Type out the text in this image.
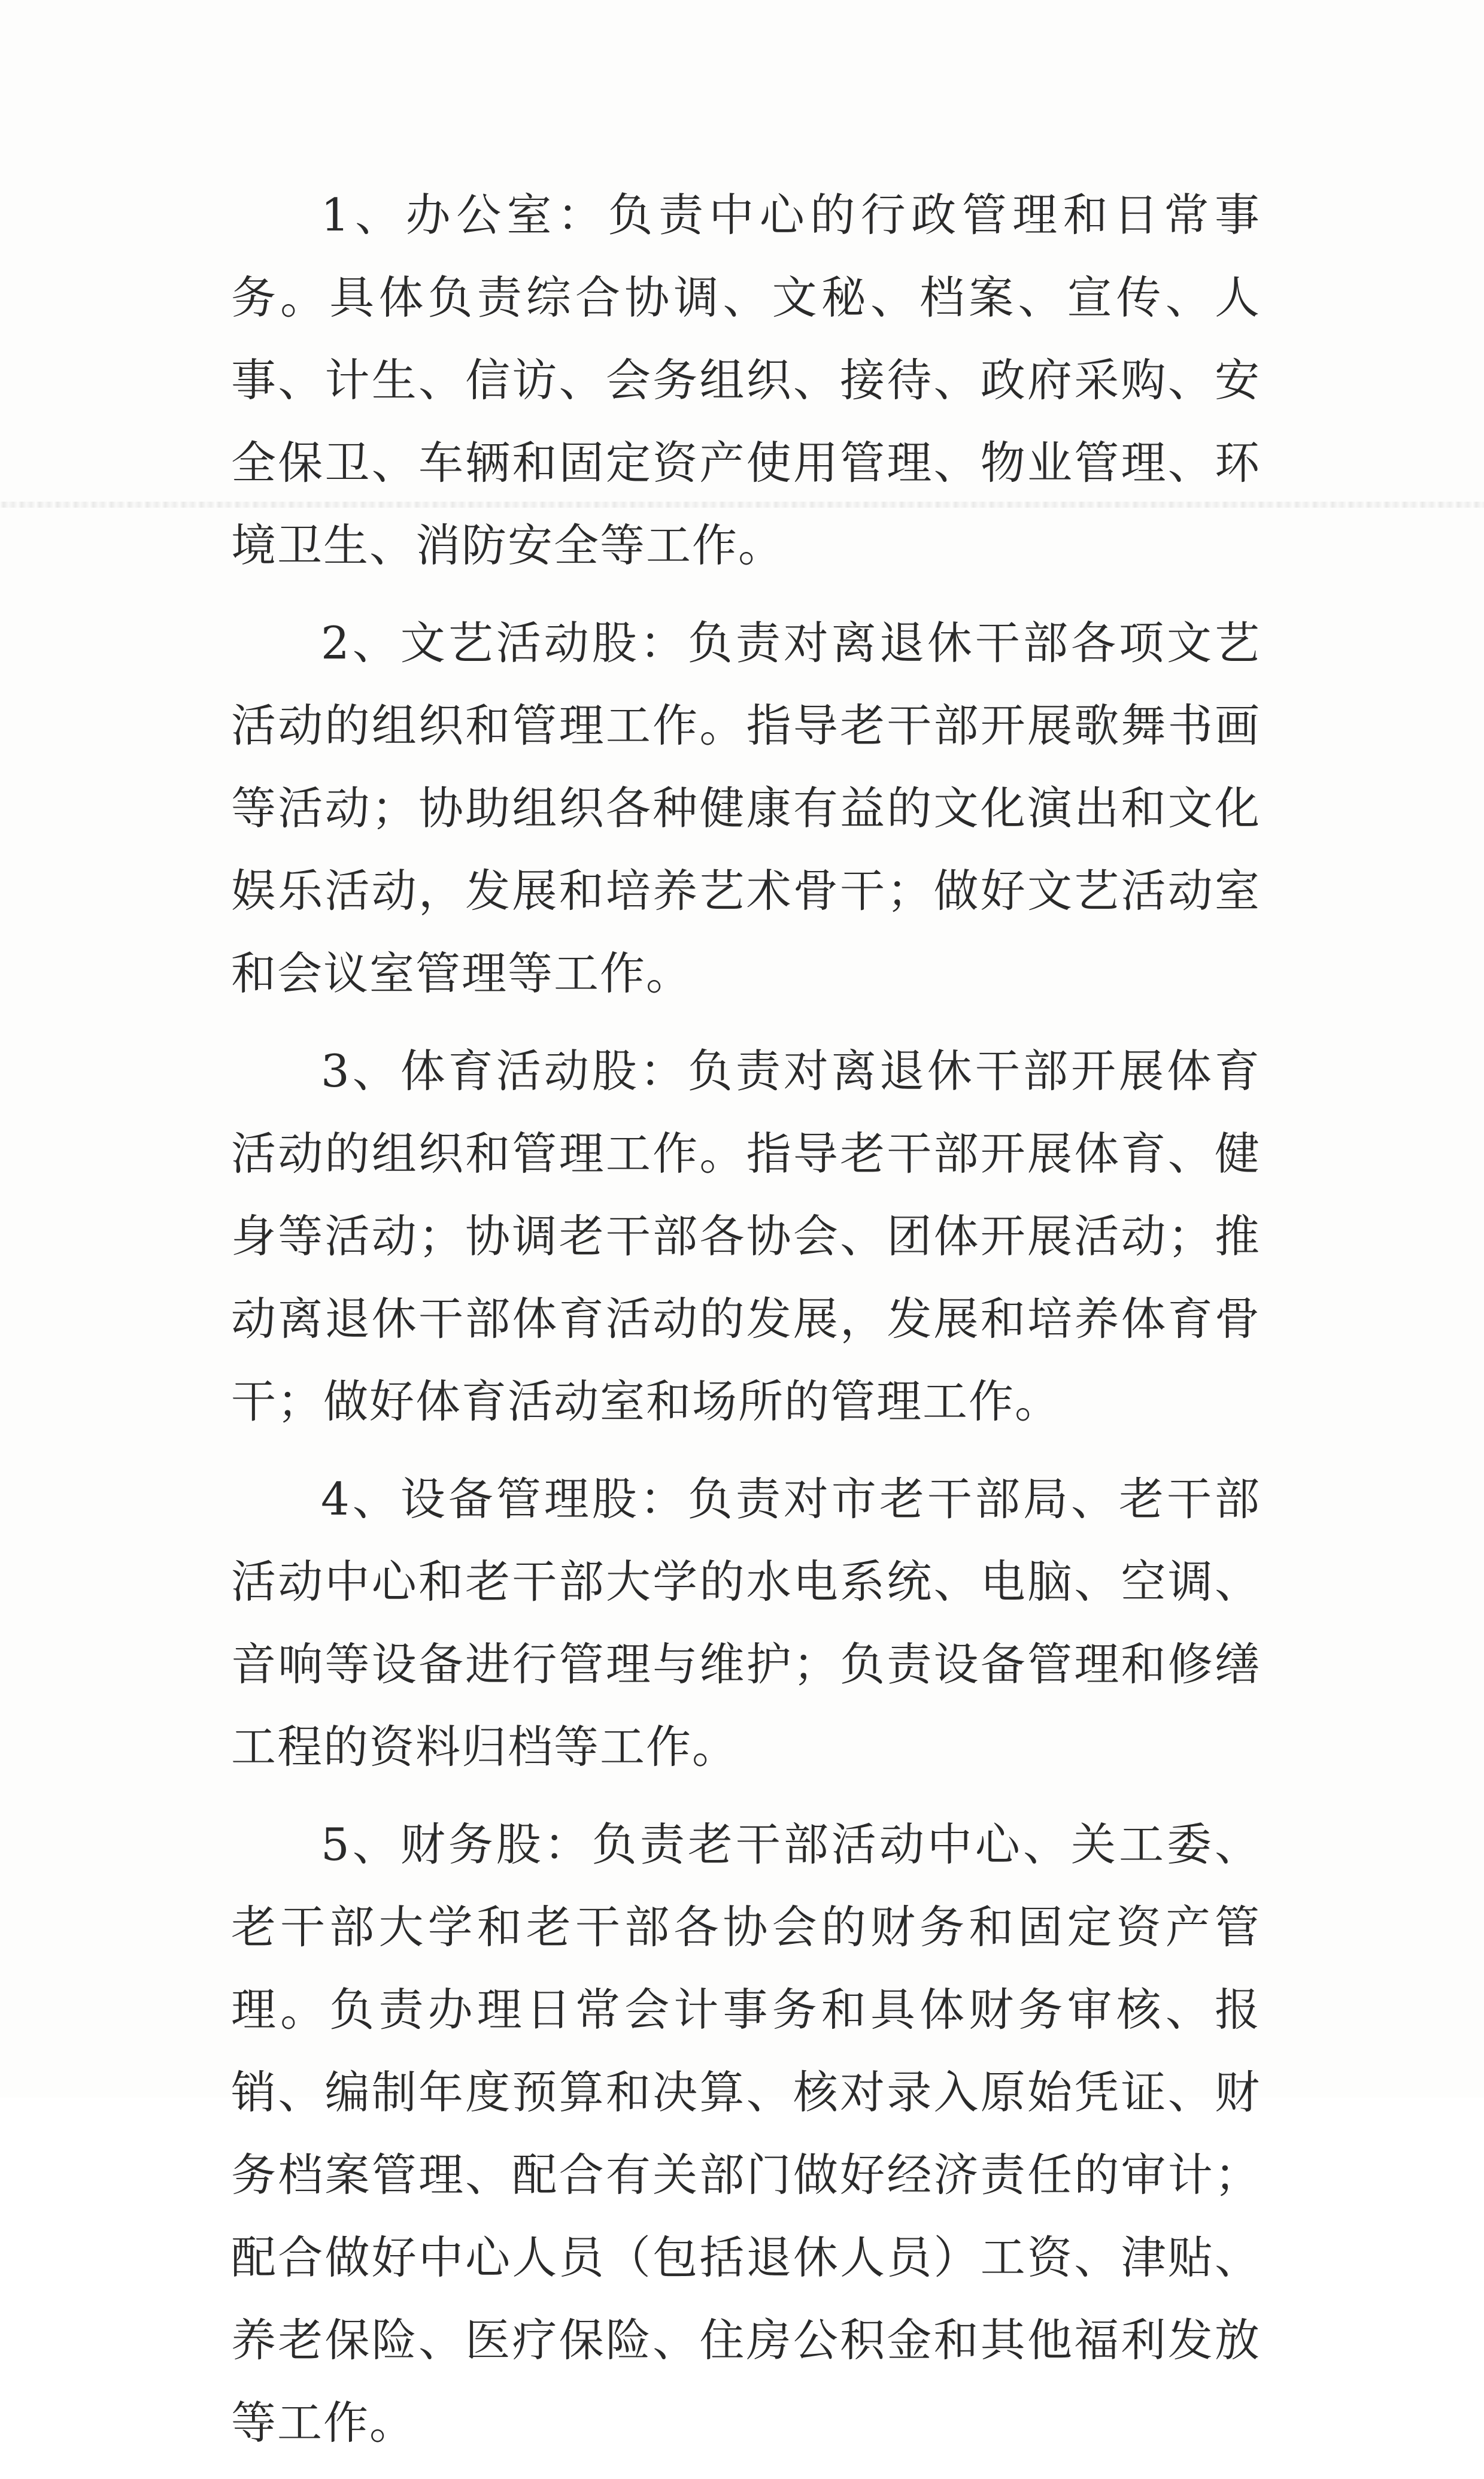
1、办公室：负责中心的行政管理和日常事务。具体负责综合协调、文秘、档案、宣传、人事、计生、信访、会务组织、接待、政府采购、安全保卫、车辆和固定资产使用管理、物业管理、环境卫生、消防安全等工作。

2、文艺活动股：负责对离退休干部各项文艺活动的组织和管理工作。指导老干部开展歌舞书画等活动；协助组织各种健康有益的文化演出和文化娱乐活动，发展和培养艺术骨干；做好文艺活动室和会议室管理等工作。

3、体育活动股：负责对离退休干部开展体育活动的组织和管理工作。指导老干部开展体育、健身等活动；协调老干部各协会、团体开展活动；推动离退休干部体育活动的发展，发展和培养体育骨干；做好体育活动室和场所的管理工作。

4、设备管理股：负责对市老干部局、老干部活动中心和老干部大学的水电系统、电脑、空调、音响等设备进行管理与维护；负责设备管理和修缮工程的资料归档等工作。

5、财务股：负责老干部活动中心、关工委、老干部大学和老干部各协会的财务和固定资产管理。负责办理日常会计事务和具体财务审核、报销、编制年度预算和决算、核对录入原始凭证、财务档案管理、配合有关部门做好经济责任的审计；配合做好中心人员（包括退休人员）工资、津贴、养老保险、医疗保险、住房公积金和其他福利发放等工作。
